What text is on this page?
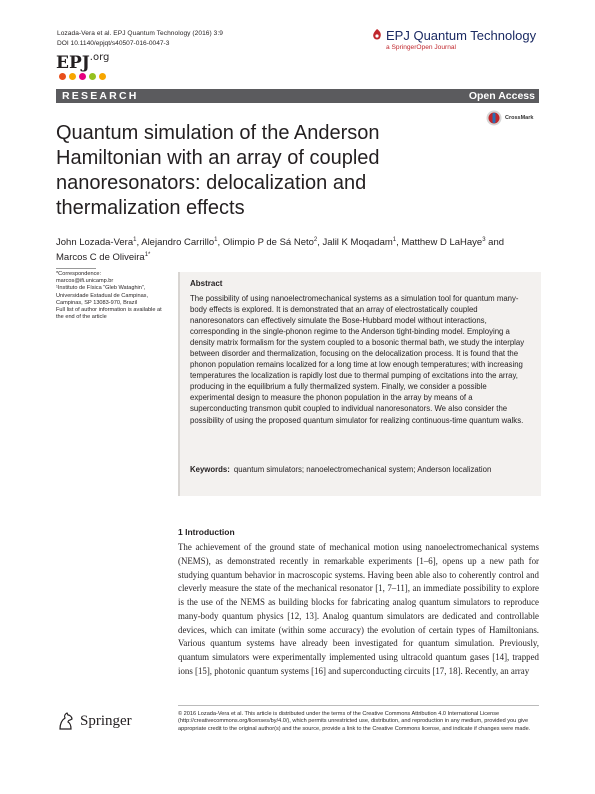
Lozada-Vera et al. EPJ Quantum Technology (2016) 3:9
DOI 10.1140/epjqt/s40507-016-0047-3
$EPJ^{.org}$
EPJ Quantum Technology
a SpringerOpen Journal
RESEARCH	Open Access
CrossMark
Quantum simulation of the Anderson Hamiltonian with an array of coupled nanoresonators: delocalization and thermalization effects
John Lozada-Vera$^1$, Alejandro Carrillo$^1$, Olimpio P de Sá Neto$^2$, Jalil K Moqadam$^1$, Matthew D LaHaye$^3$ and Marcos C de Oliveira$^{1*}$
*Correspondence:
marcos@ifi.unicamp.br
¹Instituto de Física “Gleb Wataghin”, Universidade Estadual de Campinas, Campinas, SP 13083-970, Brazil
Full list of author information is available at the end of the article
Abstract
The possibility of using nanoelectromechanical systems as a simulation tool for quantum many-body effects is explored. It is demonstrated that an array of electrostatically coupled nanoresonators can effectively simulate the Bose-Hubbard model without interactions, corresponding in the single-phonon regime to the Anderson tight-binding model. Employing a density matrix formalism for the system coupled to a bosonic thermal bath, we study the interplay between disorder and thermalization, focusing on the delocalization process. It is found that the phonon population remains localized for a long time at low enough temperatures; with increasing temperatures the localization is rapidly lost due to thermal pumping of excitations into the array, producing in the equilibrium a fully thermalized system. Finally, we consider a possible experimental design to measure the phonon population in the array by means of a superconducting transmon qubit coupled to individual nanoresonators. We also consider the possibility of using the proposed quantum simulator for realizing continuous-time quantum walks.
Keywords: quantum simulators; nanoelectromechanical system; Anderson localization
1 Introduction
The achievement of the ground state of mechanical motion using nanoelectromechanical systems (NEMS), as demonstrated recently in remarkable experiments [1–6], opens up a new path for studying quantum behavior in macroscopic systems. Having been able also to coherently control and cleverly measure the state of the mechanical resonator [1, 7–11], an immediate possibility to explore is the use of the NEMS as building blocks for fabricating analog quantum simulators to reproduce many-body quantum physics [12, 13]. Analog quantum simulators are dedicated and controllable devices, which can imitate (within some accuracy) the evolution of certain types of Hamiltonians. Various quantum systems have already been investigated for quantum simulation. Previously, quantum simulators were experimentally implemented using ultracold quantum gases [14], trapped ions [15], photonic quantum systems [16] and superconducting circuits [17, 18]. Recently, an array
Springer	© 2016 Lozada-Vera et al. This article is distributed under the terms of the Creative Commons Attribution 4.0 International License (http://creativecommons.org/licenses/by/4.0/), which permits unrestricted use, distribution, and reproduction in any medium, provided you give appropriate credit to the original author(s) and the source, provide a link to the Creative Commons license, and indicate if changes were made.
